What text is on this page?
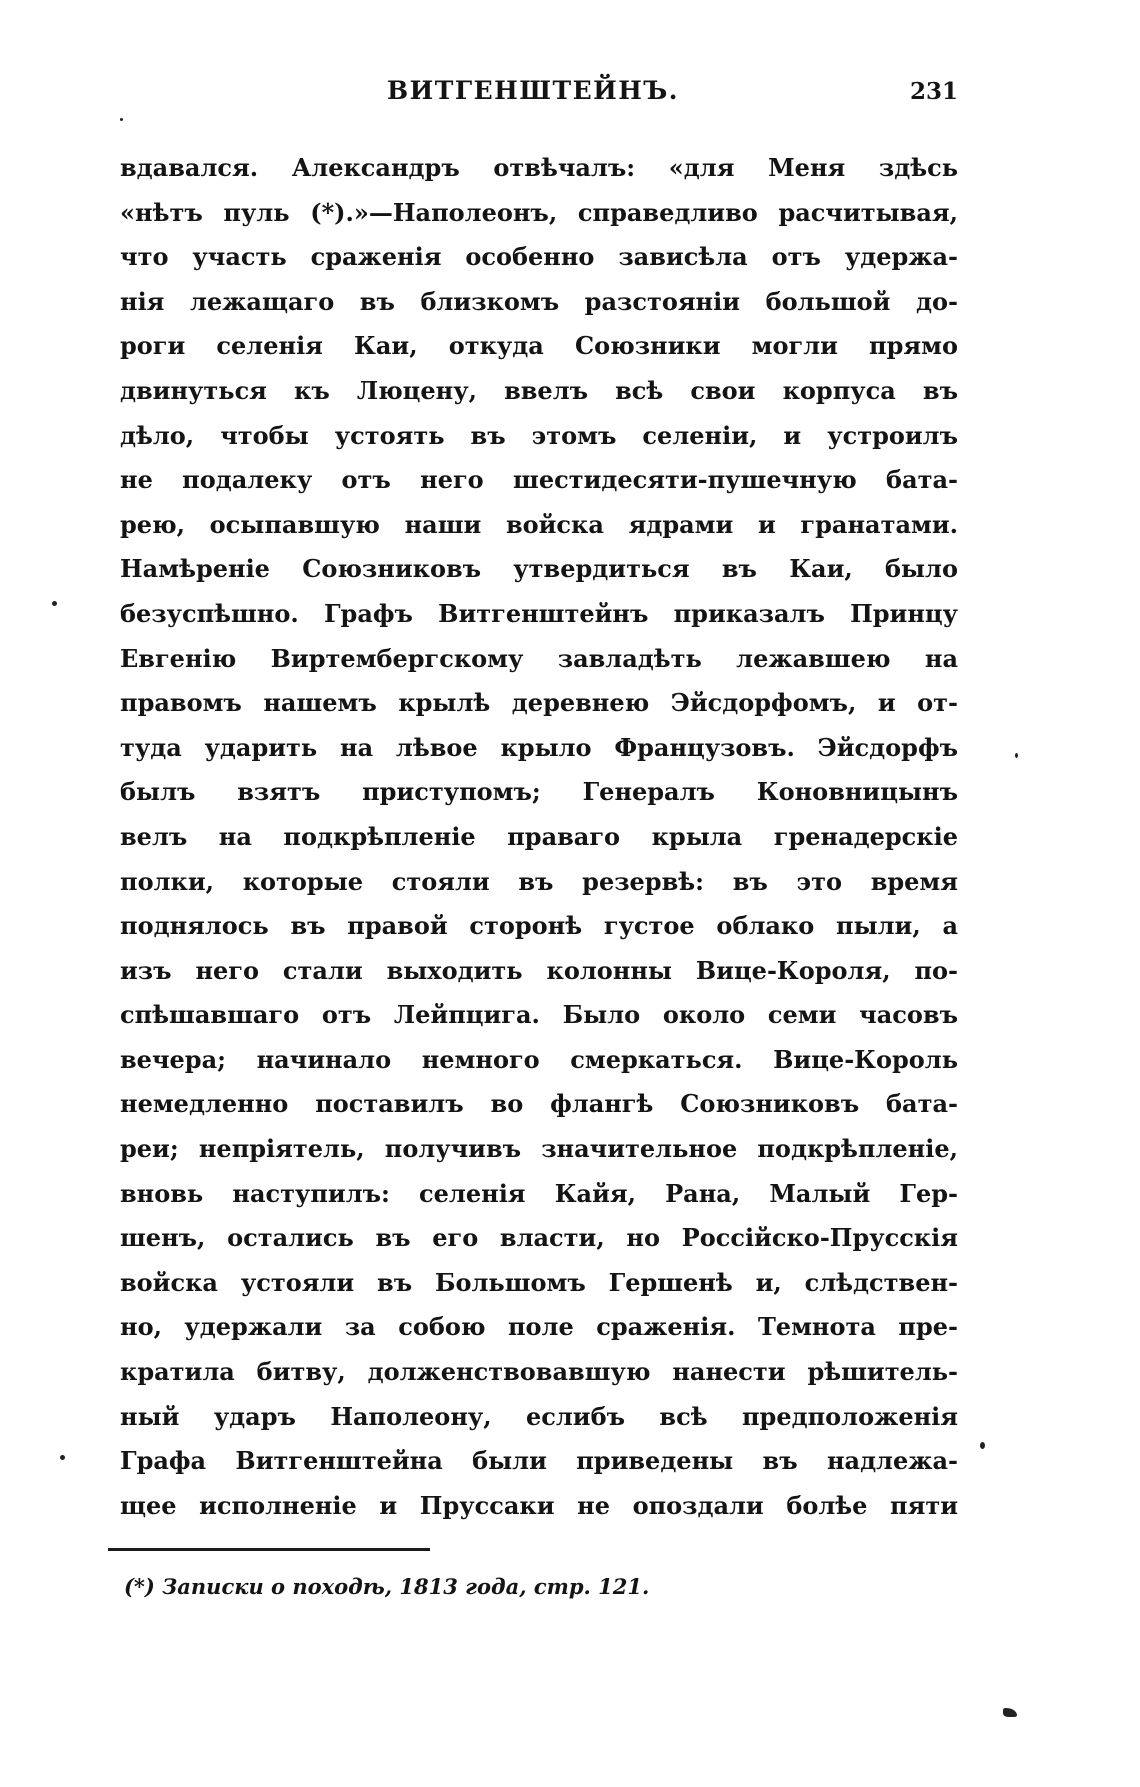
ВИТГЕНШТЕЙНЪ.	231
вдавался. Александръ отвѣчалъ: «для Меня здѣсь
«нѣтъ пуль (*).»—Наполеонъ, справедливо расчитывая,
что участь сраженія особенно зависѣла отъ удержа-
нія лежащаго въ близкомъ разстояніи большой до-
роги селенія Каи, откуда Союзники могли прямо
двинуться къ Люцену, ввелъ всѣ свои корпуса въ
дѣло, чтобы устоять въ этомъ селеніи, и устроилъ
не подалеку отъ него шестидесяти-пушечную бата-
рею, осыпавшую наши войска ядрами и гранатами.
Намѣреніе Союзниковъ утвердиться въ Каи, было
безуспѣшно. Графъ Витгенштейнъ приказалъ Принцу
Евгенію Виртембергскому завладѣть лежавшею на
правомъ нашемъ крылѣ деревнею Эйсдорфомъ, и от-
туда ударить на лѣвое крыло Французовъ. Эйсдорфъ
былъ взятъ приступомъ; Генералъ Коновницынъ
велъ на подкрѣпленіе праваго крыла гренадерскіе
полки, которые стояли въ резервѣ: въ это время
поднялось въ правой сторонѣ густое облако пыли, а
изъ него стали выходить колонны Вице-Короля, по-
спѣшавшаго отъ Лейпцига. Было около семи часовъ
вечера; начинало немного смеркаться. Вице-Король
немедленно поставилъ во флангѣ Союзниковъ бата-
реи; непріятель, получивъ значительное подкрѣпленіе,
вновь наступилъ: селенія Кайя, Рана, Малый Гер-
шенъ, остались въ его власти, но Россійско-Прусскія
войска устояли въ Большомъ Гершенѣ и, слѣдствен-
но, удержали за собою поле сраженія. Темнота пре-
кратила битву, долженствовавшую нанести рѣшитель-
ный ударъ Наполеону, еслибъ всѣ предположенія
Графа Витгенштейна были приведены въ надлежа-
щее исполненіе и Пруссаки не опоздали болѣе пяти
(*) Записки о походѣ, 1813 года, стр. 121.
